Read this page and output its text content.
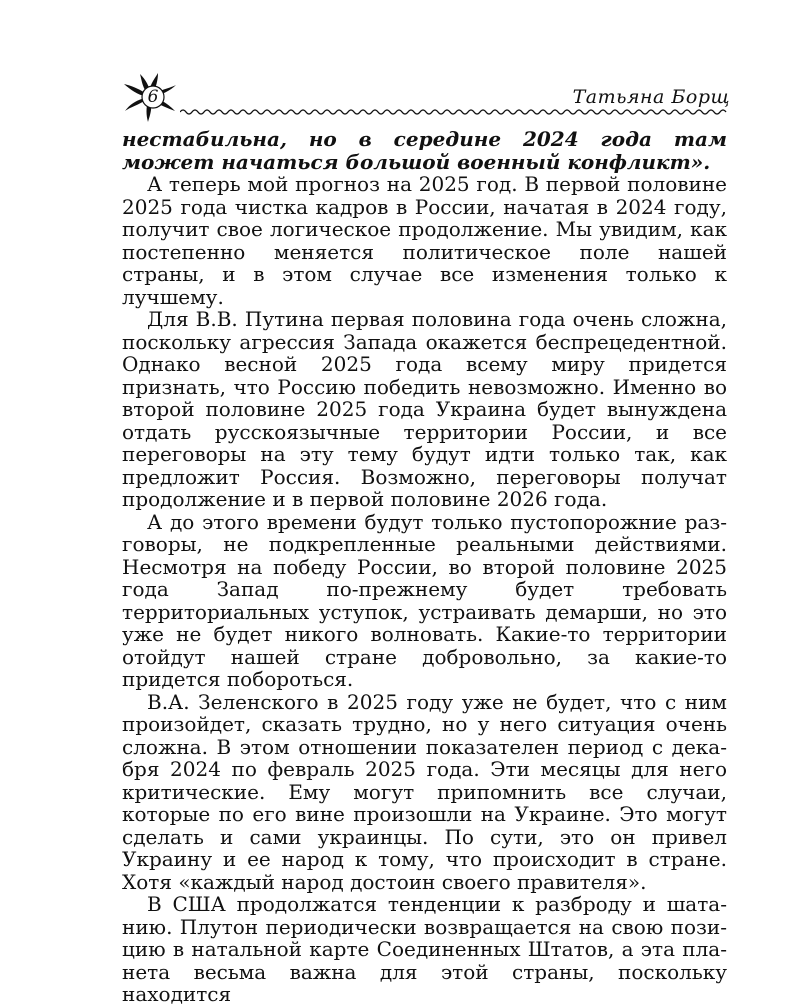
6	Татьяна Борщ

нестабильна, но в середине 2024 года там может начаться большой военный конфликт».

А теперь мой прогноз на 2025 год. В первой половине 2025 года чистка кадров в России, начатая в 2024 году, получит свое логическое продолжение. Мы увидим, как постепенно меняется политическое поле нашей страны, и в этом случае все изменения только к лучшему.

Для В.В. Путина первая половина года очень сложна, поскольку агрессия Запада окажется беспрецедентной. Однако весной 2025 года всему миру придется признать, что Россию победить невозможно. Именно во второй половине 2025 года Украина будет вынуждена отдать русскоязычные территории России, и все переговоры на эту тему будут идти только так, как предложит Россия. Возможно, переговоры получат продолжение и в первой половине 2026 года.

А до этого времени будут только пустопорожние разговоры, не подкрепленные реальными действиями. Несмотря на победу России, во второй половине 2025 года Запад по-прежнему будет требовать территориальных уступок, устраивать демарши, но это уже не будет никого волновать. Какие-то территории отойдут нашей стране добровольно, за какие-то придется побороться.

В.А. Зеленского в 2025 году уже не будет, что с ним произойдет, сказать трудно, но у него ситуация очень сложна. В этом отношении показателен период с декабря 2024 по февраль 2025 года. Эти месяцы для него критические. Ему могут припомнить все случаи, которые по его вине произошли на Украине. Это могут сделать и сами украинцы. По сути, это он привел Украину и ее народ к тому, что происходит в стране. Хотя «каждый народ достоин своего правителя».

В США продолжатся тенденции к разброду и шатанию. Плутон периодически возвращается на свою позицию в натальной карте Соединенных Штатов, а эта планета весьма важна для этой страны, поскольку находится
